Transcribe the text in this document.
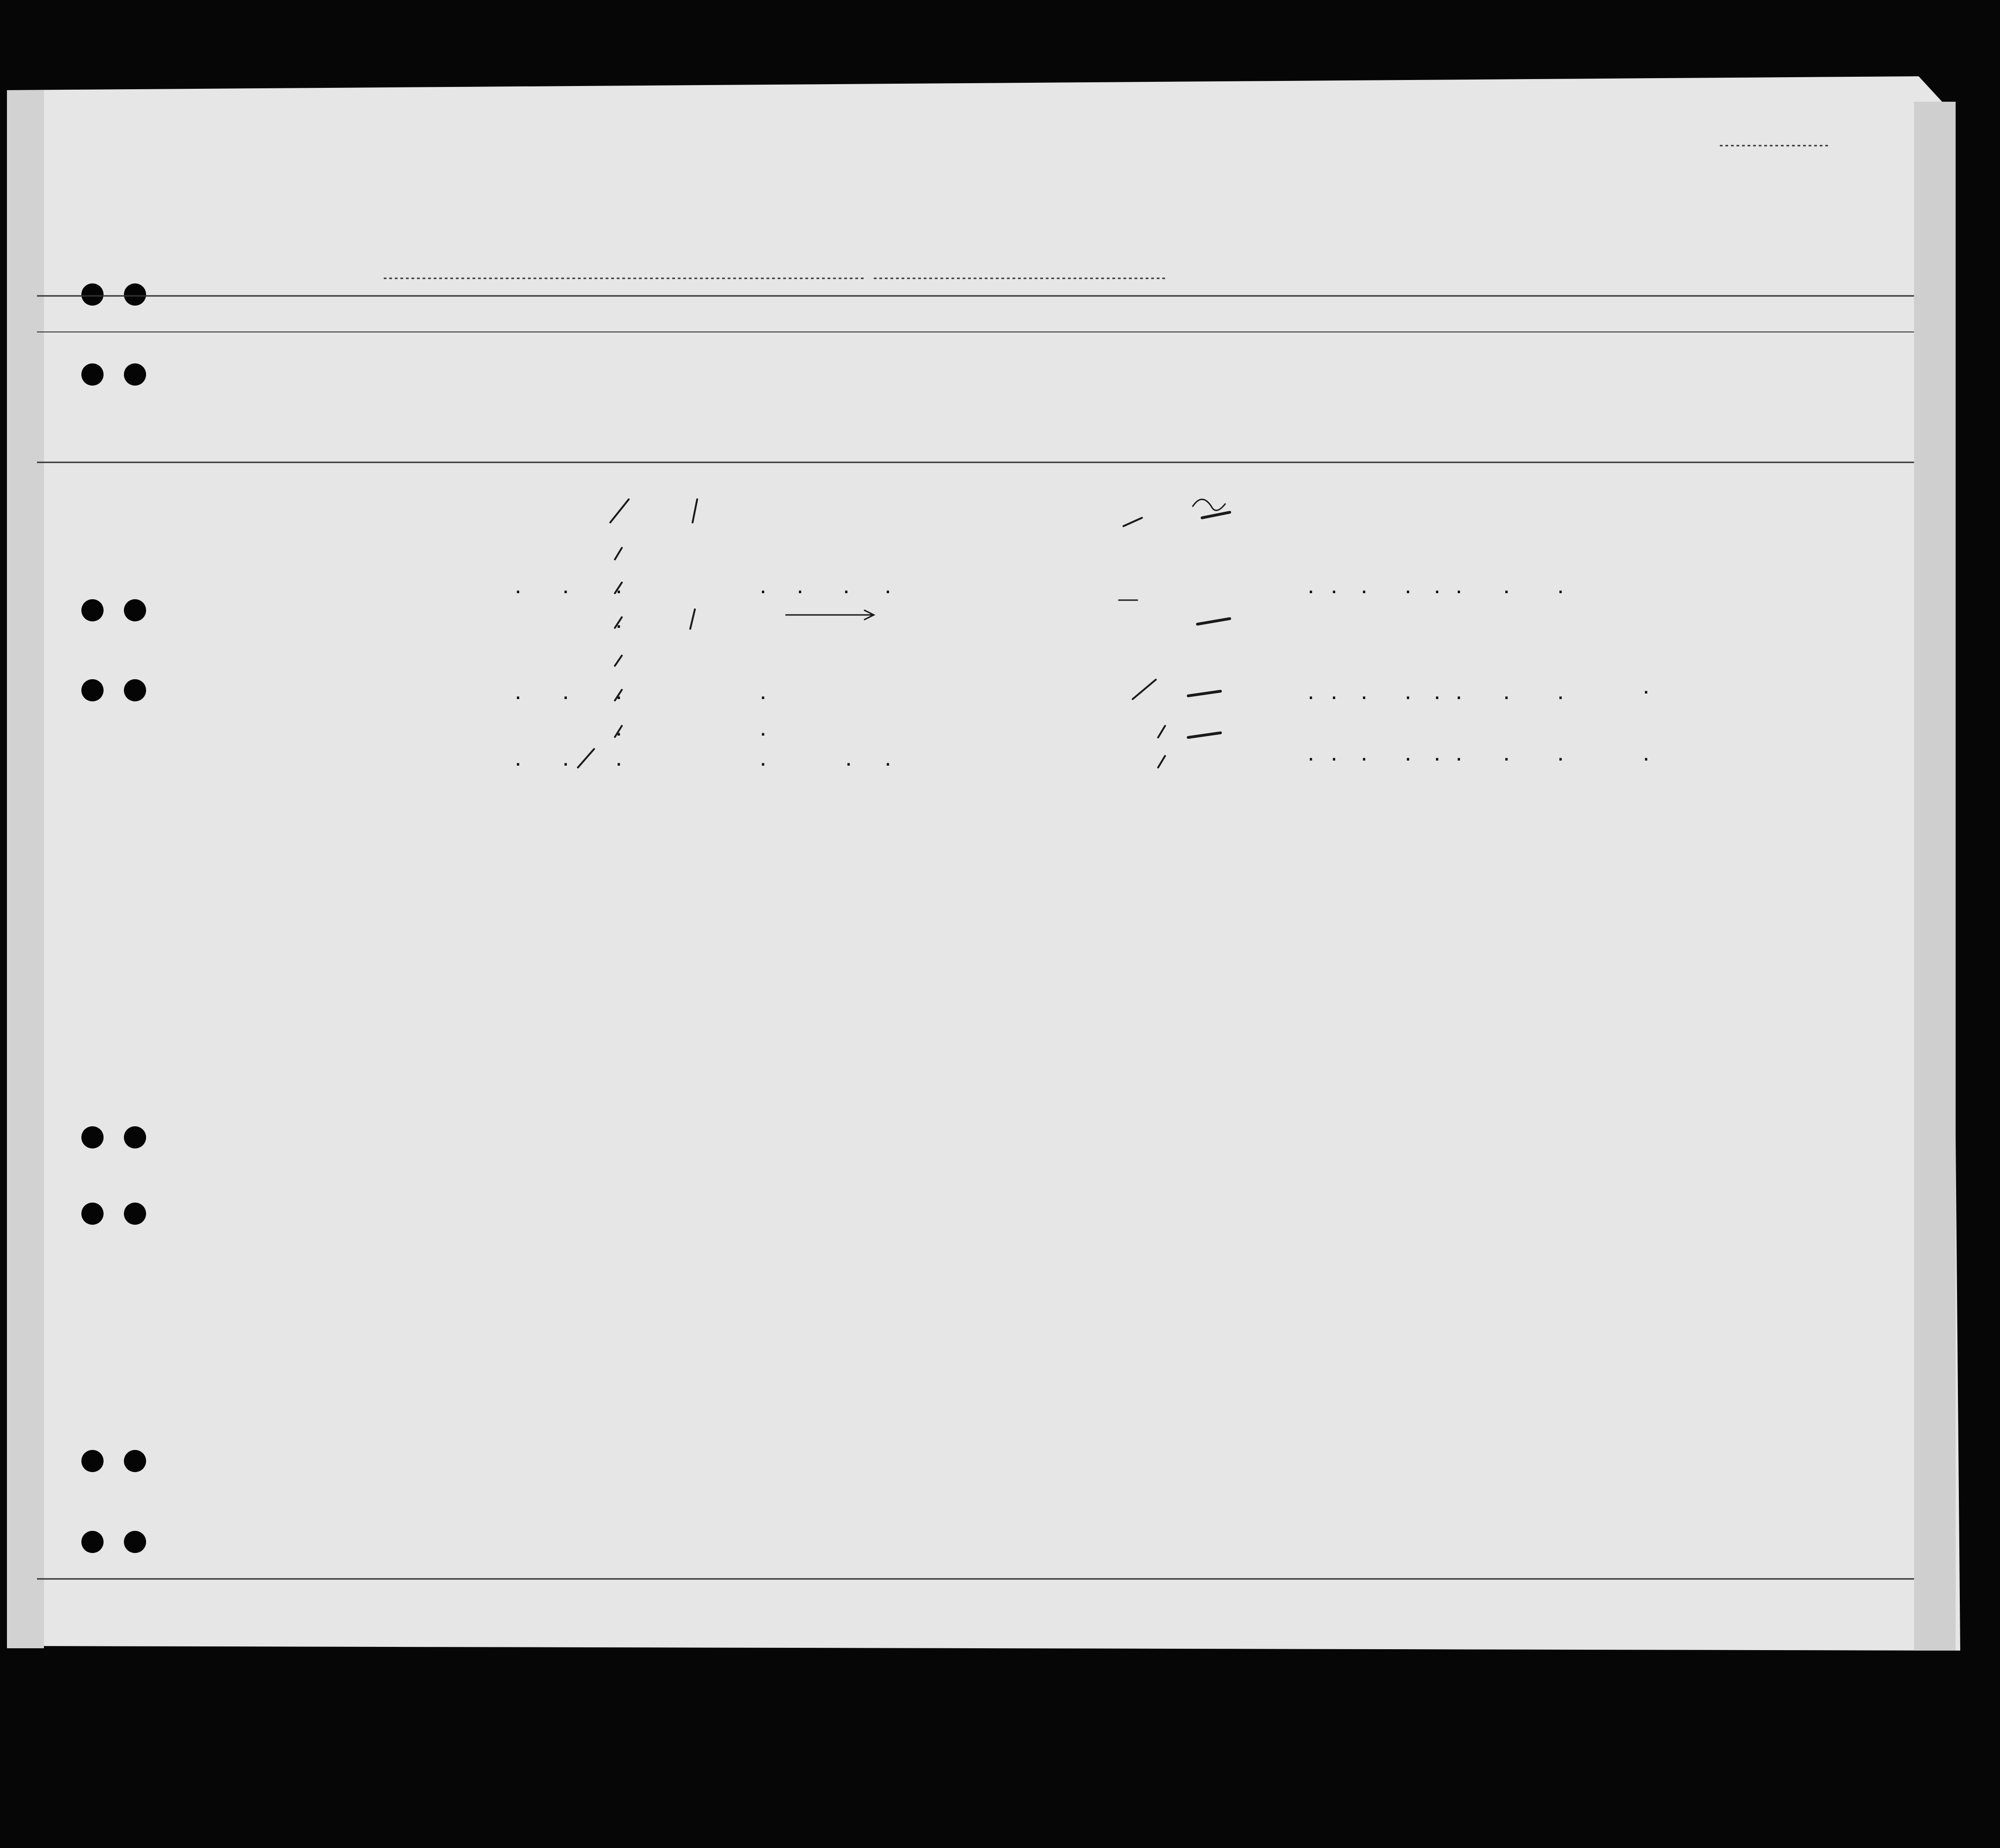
.	.	.	. .	.	.	. . .
. . .	.	.
.
.	.	.	.	. . .	. . .	.	.	.
.	.
.	.	.	.	.	.	. . .	. . .	.	.	.
